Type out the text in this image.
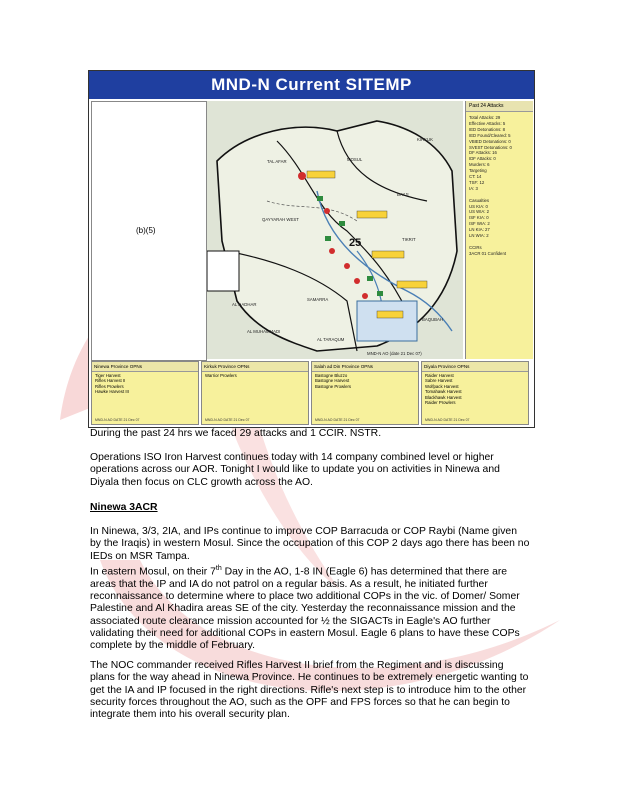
MND-N Current SITEMP
(b)(5)
TAL AFAR
QAYYARAH WEST
MOSUL
BAYJI
TIKRIT
SAMARRA
BAQUBAH
KIRKUK
AL HADHAR
AL MUHAMMADI
AL TARAQUM
25
MND-N AO (date 21 Dec 07)
Past 24 Attacks
Total Attacks: 29
Effective Attacks: 5
IED Detonations: 8
IED Found/Cleared: 5
VBIED Detonations: 0
SVEST Detonations: 0
DF Attacks: 16
IDF Attacks: 0
Murders: 6
Targeting
CT: 14
TSF: 12
IA: 3
Casualties
US KIA: 0
US WIA: 2
ISF KIA: 0
ISF WIA: 2
LN KIA: 27
LN WIA: 2
CCIRs
3ACR 01 Confident
Ninewa Province OPNs
Tiger Harvest
Rifles Harvest II
Rifles Prowlers
Hawke Harvest III
MND-N AO DATE 21 Dec 07
Kirkuk Province OPNs
Warrior Prowlers
MND-N AO DATE 21 Dec 07
Salah ad Din Province OPNs
Bastogne Bluzzo
Bastogne Harvest
Bastogne Prowlers
MND-N AO DATE 21 Dec 07
Diyala Province OPNs
Raider Harvest
Sabre Harvest
Wolfpack Harvest
Tomahawk Harvest
Blackhawk Harvest
Raider Prowlers
MND-N AO DATE 21 Dec 07

During the past 24 hrs we faced 29 attacks and 1 CCIR. NSTR.

Operations ISO Iron Harvest continues today with 14 company combined level or higher operations across our AOR. Tonight I would like to update you on activities in Ninewa and Diyala then focus on CLC growth across the AO.

Ninewa 3ACR

In Ninewa, 3/3, 2IA, and IPs continue to improve COP Barracuda or COP Raybi (Name given by the Iraqis) in western Mosul. Since the occupation of this COP 2 days ago there has been no IEDs on MSR Tampa.

In eastern Mosul, on their 7th Day in the AO, 1-8 IN (Eagle 6) has determined that there are areas that the IP and IA do not patrol on a regular basis. As a result, he initiated further reconnaissance to determine where to place two additional COPs in the vic. of Domer/ Somer Palestine and Al Khadira areas SE of the city. Yesterday the reconnaissance mission and the associated route clearance mission accounted for ½ the SIGACTs in Eagle's AO further validating their need for additional COPs in eastern Mosul. Eagle 6 plans to have these COPs complete by the middle of February.

The NOC commander received Rifles Harvest II brief from the Regiment and is discussing plans for the way ahead in Ninewa Province. He continues to be extremely energetic wanting to get the IA and IP focused in the right directions. Rifle's next step is to introduce him to the other security forces throughout the AO, such as the OPF and FPS forces so that he can begin to integrate them into his overall security plan.
